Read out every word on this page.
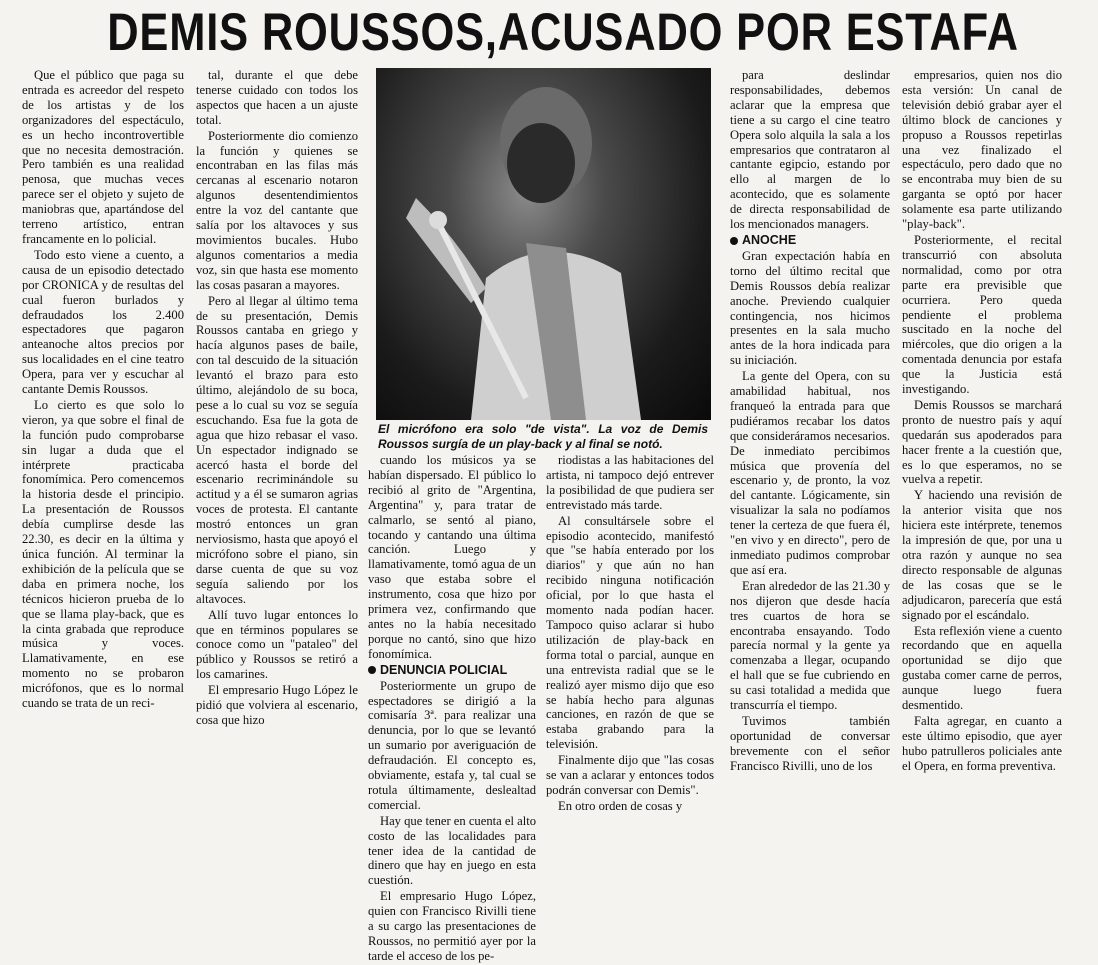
DEMIS ROUSSOS,ACUSADO POR ESTAFA

Que el público que paga su entrada es acreedor del respeto de los artistas y de los organizadores del espectáculo, es un hecho incontrovertible que no necesita demostración. Pero también es una realidad penosa, que muchas veces parece ser el objeto y sujeto de maniobras que, apartándose del terreno artístico, entran francamente en lo policial.

Todo esto viene a cuento, a causa de un episodio detectado por CRONICA y de resultas del cual fueron burlados y defraudados los 2.400 espectadores que pagaron anteanoche altos precios por sus localidades en el cine teatro Opera, para ver y escuchar al cantante Demis Roussos.

Lo cierto es que solo lo vieron, ya que sobre el final de la función pudo comprobarse sin lugar a duda que el intérprete practicaba fonomímica. Pero comencemos la historia desde el principio. La presentación de Roussos debía cumplirse desde las 22.30, es decir en la última y única función. Al terminar la exhibición de la película que se daba en primera noche, los técnicos hicieron prueba de lo que se llama play-back, que es la cinta grabada que reproduce música y voces. Llamativamente, en ese momento no se probaron micrófonos, que es lo normal cuando se trata de un reci-

tal, durante el que debe tenerse cuidado con todos los aspectos que hacen a un ajuste total.

Posteriormente dio comienzo la función y quienes se encontraban en las filas más cercanas al escenario notaron algunos desentendimientos entre la voz del cantante que salía por los altavoces y sus movimientos bucales. Hubo algunos comentarios a media voz, sin que hasta ese momento las cosas pasaran a mayores.

Pero al llegar al último tema de su presentación, Demis Roussos cantaba en griego y hacía algunos pases de baile, con tal descuido de la situación levantó el brazo para esto último, alejándolo de su boca, pese a lo cual su voz se seguía escuchando. Esa fue la gota de agua que hizo rebasar el vaso. Un espectador indignado se acercó hasta el borde del escenario recriminándole su actitud y a él se sumaron agrias voces de protesta. El cantante mostró entonces un gran nerviosismo, hasta que apoyó el micrófono sobre el piano, sin darse cuenta de que su voz seguía saliendo por los altavoces.

Allí tuvo lugar entonces lo que en términos populares se conoce como un "pataleo" del público y Roussos se retiró a los camarines.

El empresario Hugo López le pidió que volviera al escenario, cosa que hizo

El micrófono era solo "de vista". La voz de Demis Roussos surgía de un play-back y al final se notó.

cuando los músicos ya se habían dispersado. El público lo recibió al grito de "Argentina, Argentina" y, para tratar de calmarlo, se sentó al piano, tocando y cantando una última canción. Luego y llamativamente, tomó agua de un vaso que estaba sobre el instrumento, cosa que hizo por primera vez, confirmando que antes no la había necesitado porque no cantó, sino que hizo fonomímica.

DENUNCIA POLICIAL

Posteriormente un grupo de espectadores se dirigió a la comisaría 3ª. para realizar una denuncia, por lo que se levantó un sumario por averiguación de defraudación. El concepto es, obviamente, estafa y, tal cual se rotula últimamente, deslealtad comercial.

Hay que tener en cuenta el alto costo de las localidades para tener idea de la cantidad de dinero que hay en juego en esta cuestión.

El empresario Hugo López, quien con Francisco Rivilli tiene a su cargo las presentaciones de Roussos, no permitió ayer por la tarde el acceso de los pe-

riodistas a las habitaciones del artista, ni tampoco dejó entrever la posibilidad de que pudiera ser entrevistado más tarde.

Al consultársele sobre el episodio acontecido, manifestó que "se había enterado por los diarios" y que aún no han recibido ninguna notificación oficial, por lo que hasta el momento nada podían hacer. Tampoco quiso aclarar si hubo utilización de play-back en forma total o parcial, aunque en una entrevista radial que se le realizó ayer mismo dijo que eso se había hecho para algunas canciones, en razón de que se estaba grabando para la televisión.

Finalmente dijo que "las cosas se van a aclarar y entonces todos podrán conversar con Demis".

En otro orden de cosas y

para deslindar responsabilidades, debemos aclarar que la empresa que tiene a su cargo el cine teatro Opera solo alquila la sala a los empresarios que contrataron al cantante egipcio, estando por ello al margen de lo acontecido, que es solamente de directa responsabilidad de los mencionados managers.

ANOCHE

Gran expectación había en torno del último recital que Demis Roussos debía realizar anoche. Previendo cualquier contingencia, nos hicimos presentes en la sala mucho antes de la hora indicada para su iniciación.

La gente del Opera, con su amabilidad habitual, nos franqueó la entrada para que pudiéramos recabar los datos que consideráramos necesarios. De inmediato percibimos música que provenía del escenario y, de pronto, la voz del cantante. Lógicamente, sin visualizar la sala no podíamos tener la certeza de que fuera él, "en vivo y en directo", pero de inmediato pudimos comprobar que así era.

Eran alrededor de las 21.30 y nos dijeron que desde hacía tres cuartos de hora se encontraba ensayando. Todo parecía normal y la gente ya comenzaba a llegar, ocupando el hall que se fue cubriendo en su casi totalidad a medida que transcurría el tiempo.

Tuvimos también oportunidad de conversar brevemente con el señor Francisco Rivilli, uno de los

empresarios, quien nos dio esta versión: Un canal de televisión debió grabar ayer el último block de canciones y propuso a Roussos repetirlas una vez finalizado el espectáculo, pero dado que no se encontraba muy bien de su garganta se optó por hacer solamente esa parte utilizando "play-back".

Posteriormente, el recital transcurrió con absoluta normalidad, como por otra parte era previsible que ocurriera. Pero queda pendiente el problema suscitado en la noche del miércoles, que dio origen a la comentada denuncia por estafa que la Justicia está investigando.

Demis Roussos se marchará pronto de nuestro país y aquí quedarán sus apoderados para hacer frente a la cuestión que, es lo que esperamos, no se vuelva a repetir.

Y haciendo una revisión de la anterior visita que nos hiciera este intérprete, tenemos la impresión de que, por una u otra razón y aunque no sea directo responsable de algunas de las cosas que se le adjudicaron, parecería que está signado por el escándalo.

Esta reflexión viene a cuento recordando que en aquella oportunidad se dijo que gustaba comer carne de perros, aunque luego fuera desmentido.

Falta agregar, en cuanto a este último episodio, que ayer hubo patrulleros policiales ante el Opera, en forma preventiva.
